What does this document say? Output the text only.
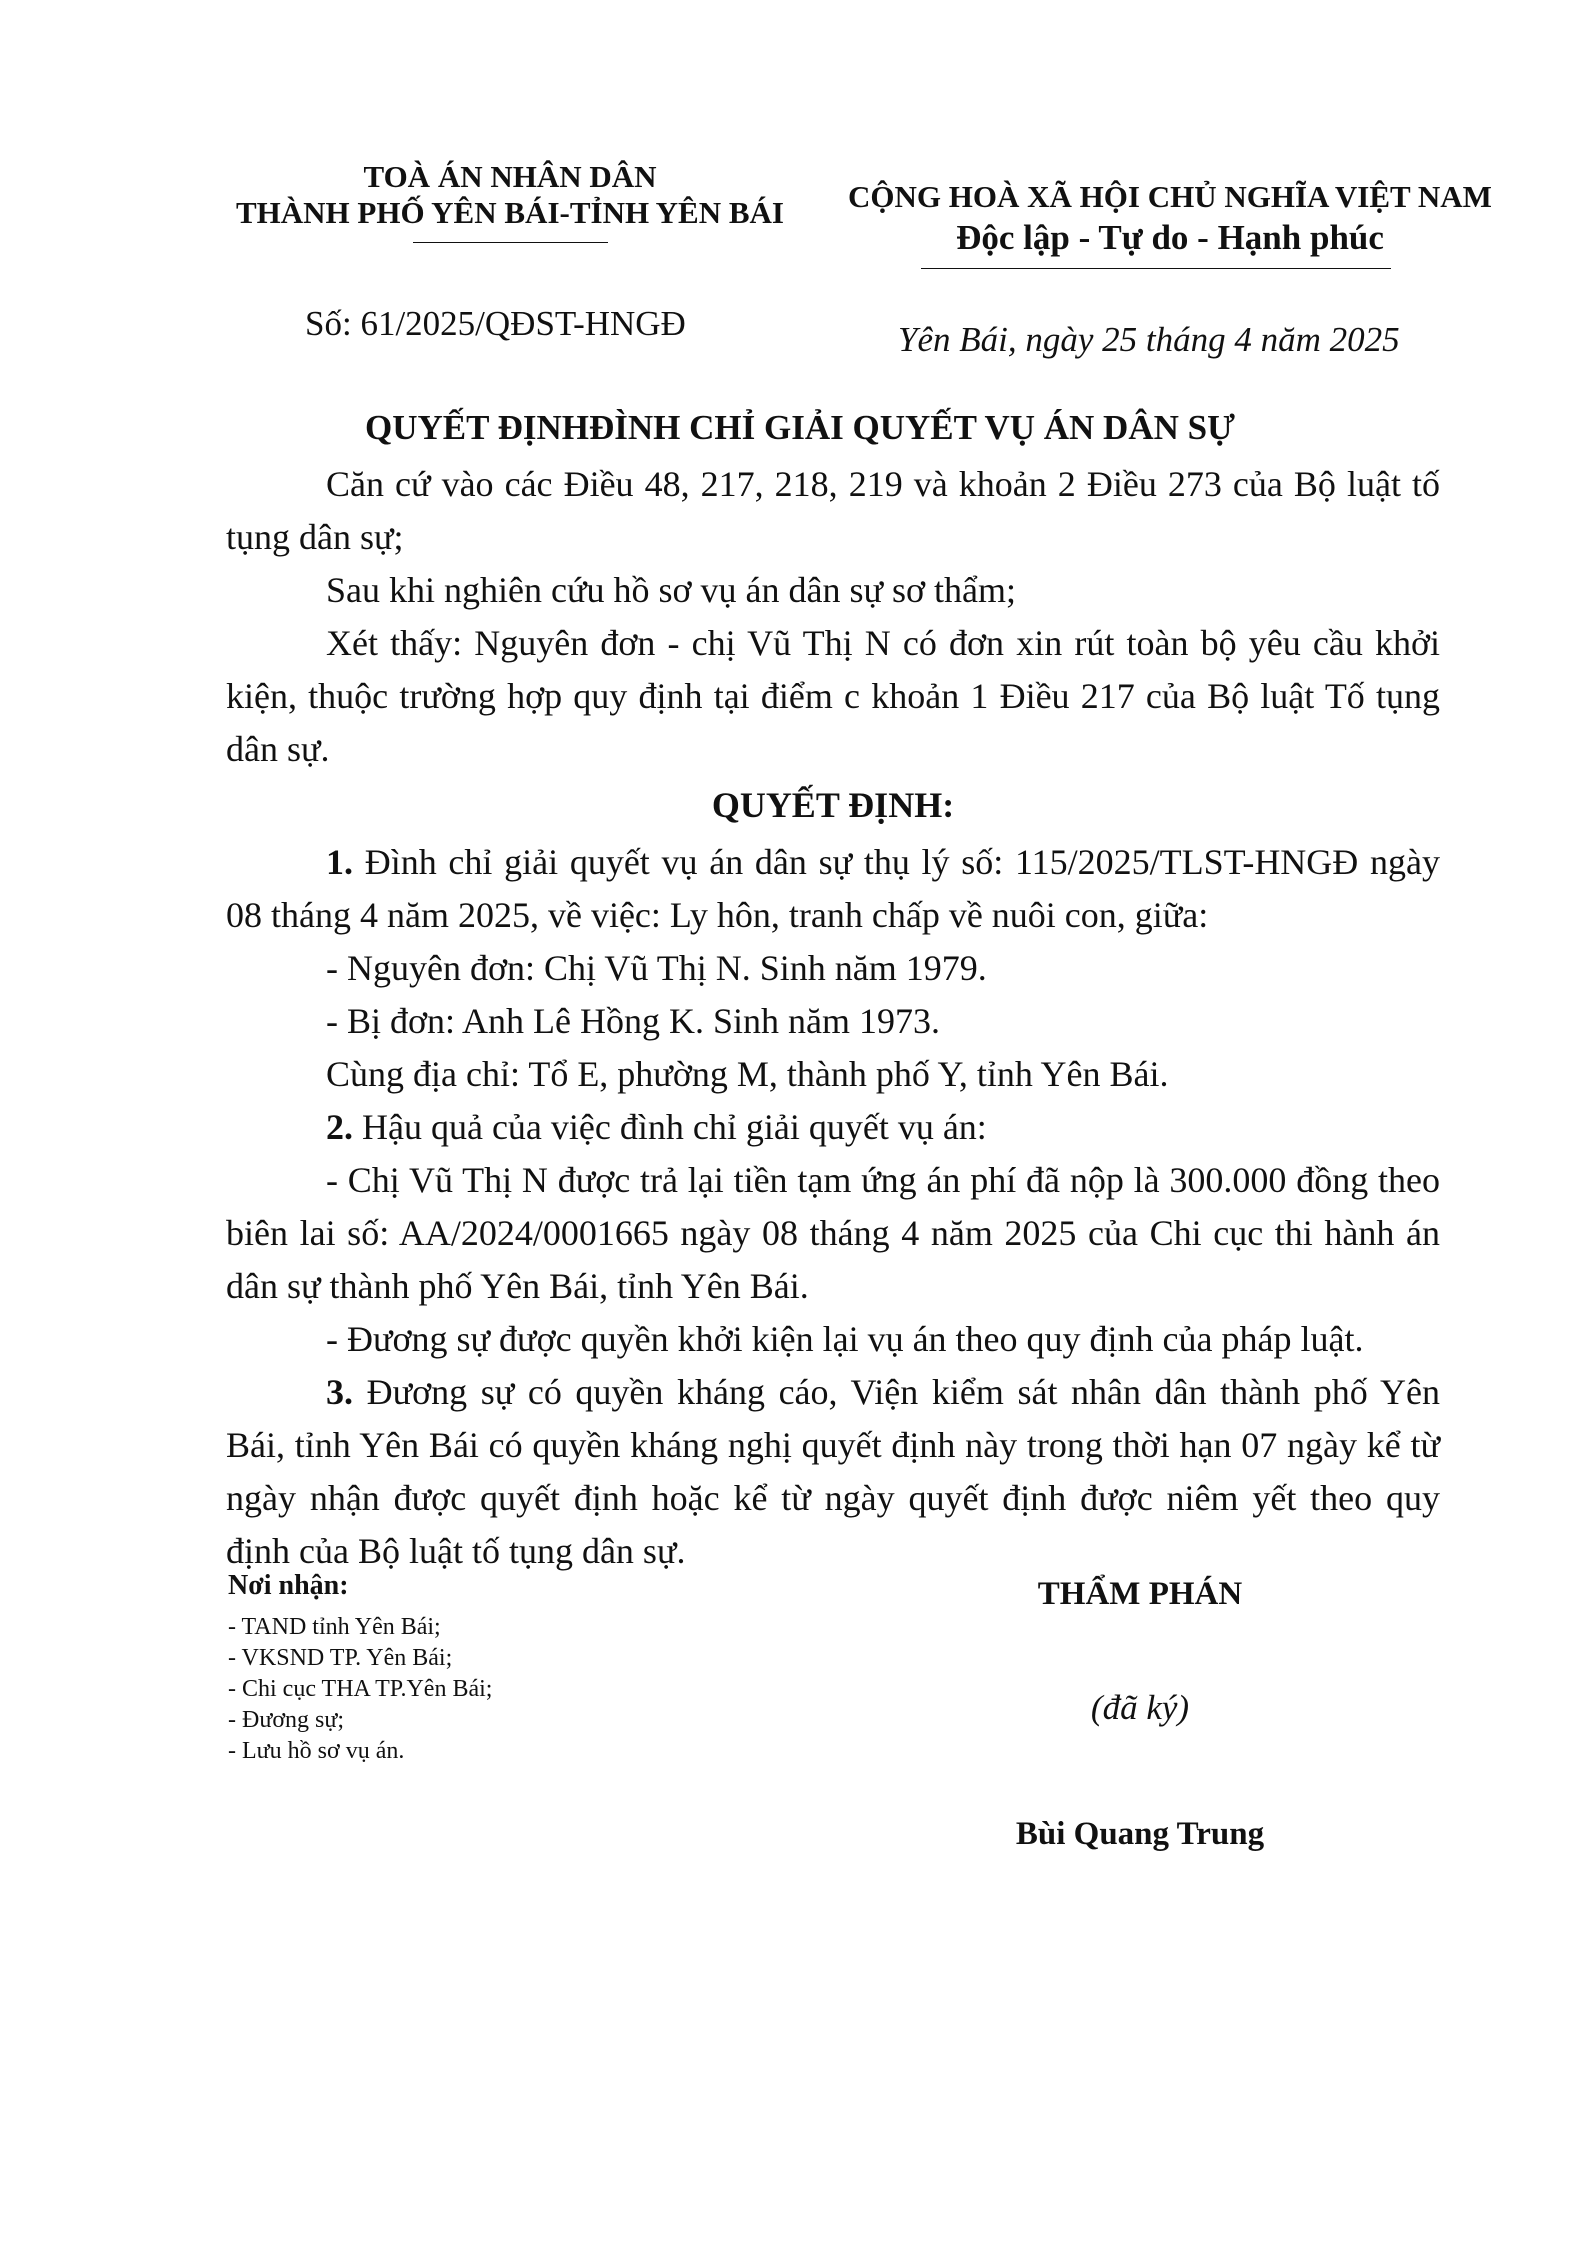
TOÀ ÁN NHÂN DÂN
THÀNH PHỐ YÊN BÁI-TỈNH YÊN BÁI	CỘNG HOÀ XÃ HỘI CHỦ NGHĨA VIỆT NAM
Độc lập - Tự do - Hạnh phúc
Số: 61/2025/QĐST-HNGĐ	Yên Bái, ngày 25 tháng 4 năm 2025
QUYẾT ĐỊNHĐÌNH CHỈ GIẢI QUYẾT VỤ ÁN DÂN SỰ

Căn cứ vào các Điều 48, 217, 218, 219 và khoản 2 Điều 273 của Bộ luật tố tụng dân sự;

Sau khi nghiên cứu hồ sơ vụ án dân sự sơ thẩm;

Xét thấy: Nguyên đơn - chị Vũ Thị N có đơn xin rút toàn bộ yêu cầu khởi kiện, thuộc trường hợp quy định tại điểm c khoản 1 Điều 217 của Bộ luật Tố tụng dân sự.

QUYẾT ĐỊNH:

1. Đình chỉ giải quyết vụ án dân sự thụ lý số: 115/2025/TLST-HNGĐ ngày 08 tháng 4 năm 2025, về việc: Ly hôn, tranh chấp về nuôi con, giữa:

- Nguyên đơn: Chị Vũ Thị N. Sinh năm 1979.

- Bị đơn: Anh Lê Hồng K. Sinh năm 1973.

Cùng địa chỉ: Tổ E, phường M, thành phố Y, tỉnh Yên Bái.

2. Hậu quả của việc đình chỉ giải quyết vụ án:

- Chị Vũ Thị N được trả lại tiền tạm ứng án phí đã nộp là 300.000 đồng theo biên lai số: AA/2024/0001665 ngày 08 tháng 4 năm 2025 của Chi cục thi hành án dân sự thành phố Yên Bái, tỉnh Yên Bái.

- Đương sự được quyền khởi kiện lại vụ án theo quy định của pháp luật.

3. Đương sự có quyền kháng cáo, Viện kiểm sát nhân dân thành phố Yên Bái, tỉnh Yên Bái có quyền kháng nghị quyết định này trong thời hạn 07 ngày kể từ ngày nhận được quyết định hoặc kể từ ngày quyết định được niêm yết theo quy định của Bộ luật tố tụng dân sự.

Nơi nhận:
- TAND tỉnh Yên Bái;
- VKSND TP. Yên Bái;
- Chi cục THA TP.Yên Bái;
- Đương sự;
- Lưu hồ sơ vụ án.
THẨM PHÁN
(đã ký)
Bùi Quang Trung
